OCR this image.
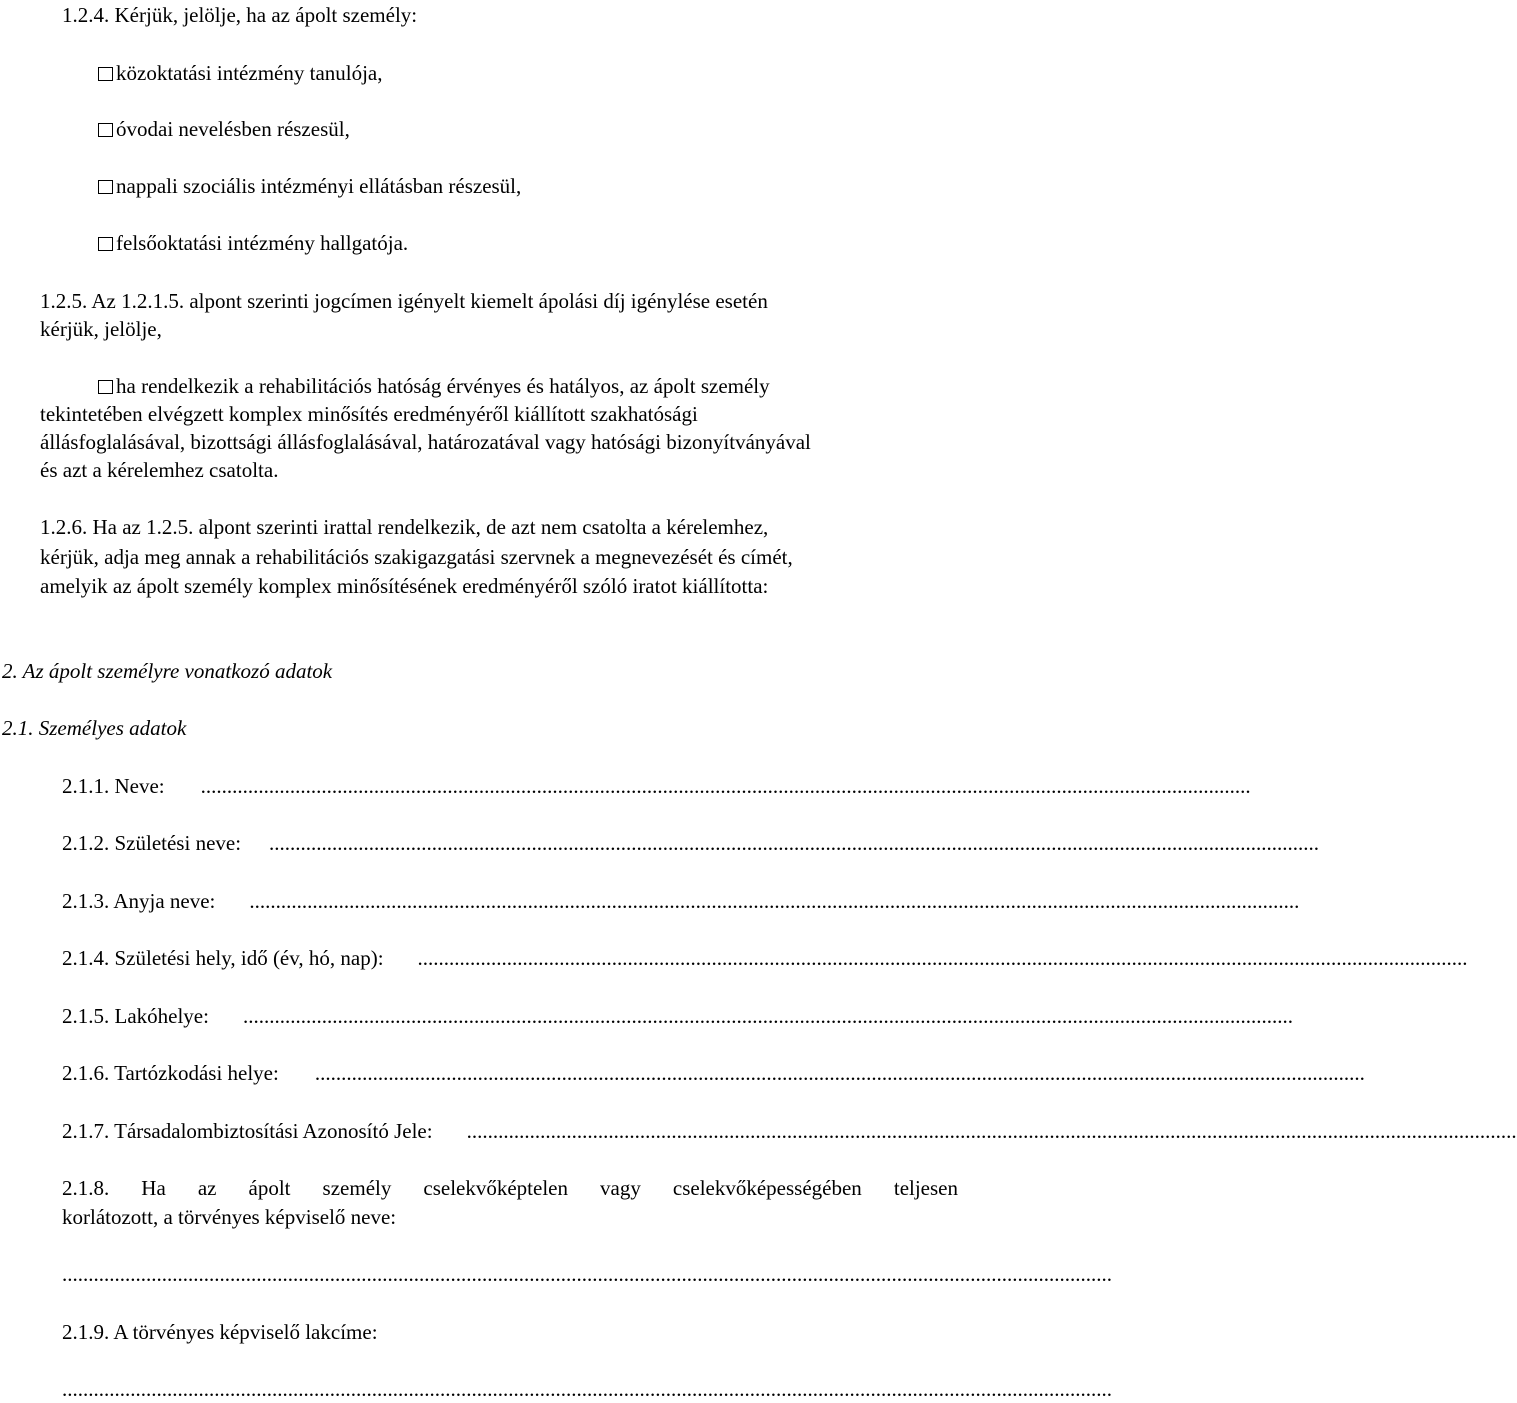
1.2.4. Kérjük, jelölje, ha az ápolt személy:
közoktatási intézmény tanulója,
óvodai nevelésben részesül,
nappali szociális intézményi ellátásban részesül,
felsőoktatási intézmény hallgatója.
1.2.5. Az 1.2.1.5. alpont szerinti jogcímen igényelt kiemelt ápolási díj igénylése esetén
kérjük, jelölje,
ha rendelkezik a rehabilitációs hatóság érvényes és hatályos, az ápolt személy
tekintetében elvégzett komplex minősítés eredményéről kiállított szakhatósági
állásfoglalásával, bizottsági állásfoglalásával, határozatával vagy hatósági bizonyítványával
és azt a kérelemhez csatolta.
1.2.6. Ha az 1.2.5. alpont szerinti irattal rendelkezik, de azt nem csatolta a kérelemhez,
kérjük, adja meg annak a rehabilitációs szakigazgatási szervnek a megnevezését és címét,
amelyik az ápolt személy komplex minősítésének eredményéről szóló iratot kiállította:
2. Az ápolt személyre vonatkozó adatok
2.1. Személyes adatok
2.1.1. Neve: ........................................................................................................................................................................................................
2.1.2. Születési neve: ........................................................................................................................................................................................................
2.1.3. Anyja neve: ........................................................................................................................................................................................................
2.1.4. Születési hely, idő (év, hó, nap): ........................................................................................................................................................................................................
2.1.5. Lakóhelye: ........................................................................................................................................................................................................
2.1.6. Tartózkodási helye: ........................................................................................................................................................................................................
2.1.7. Társadalombiztosítási Azonosító Jele: ........................................................................................................................................................................................................
2.1.8. Ha az ápolt személy cselekvőképtelen vagy cselekvőképességében teljesen
korlátozott, a törvényes képviselő neve:
........................................................................................................................................................................................................
2.1.9. A törvényes képviselő lakcíme:
........................................................................................................................................................................................................
